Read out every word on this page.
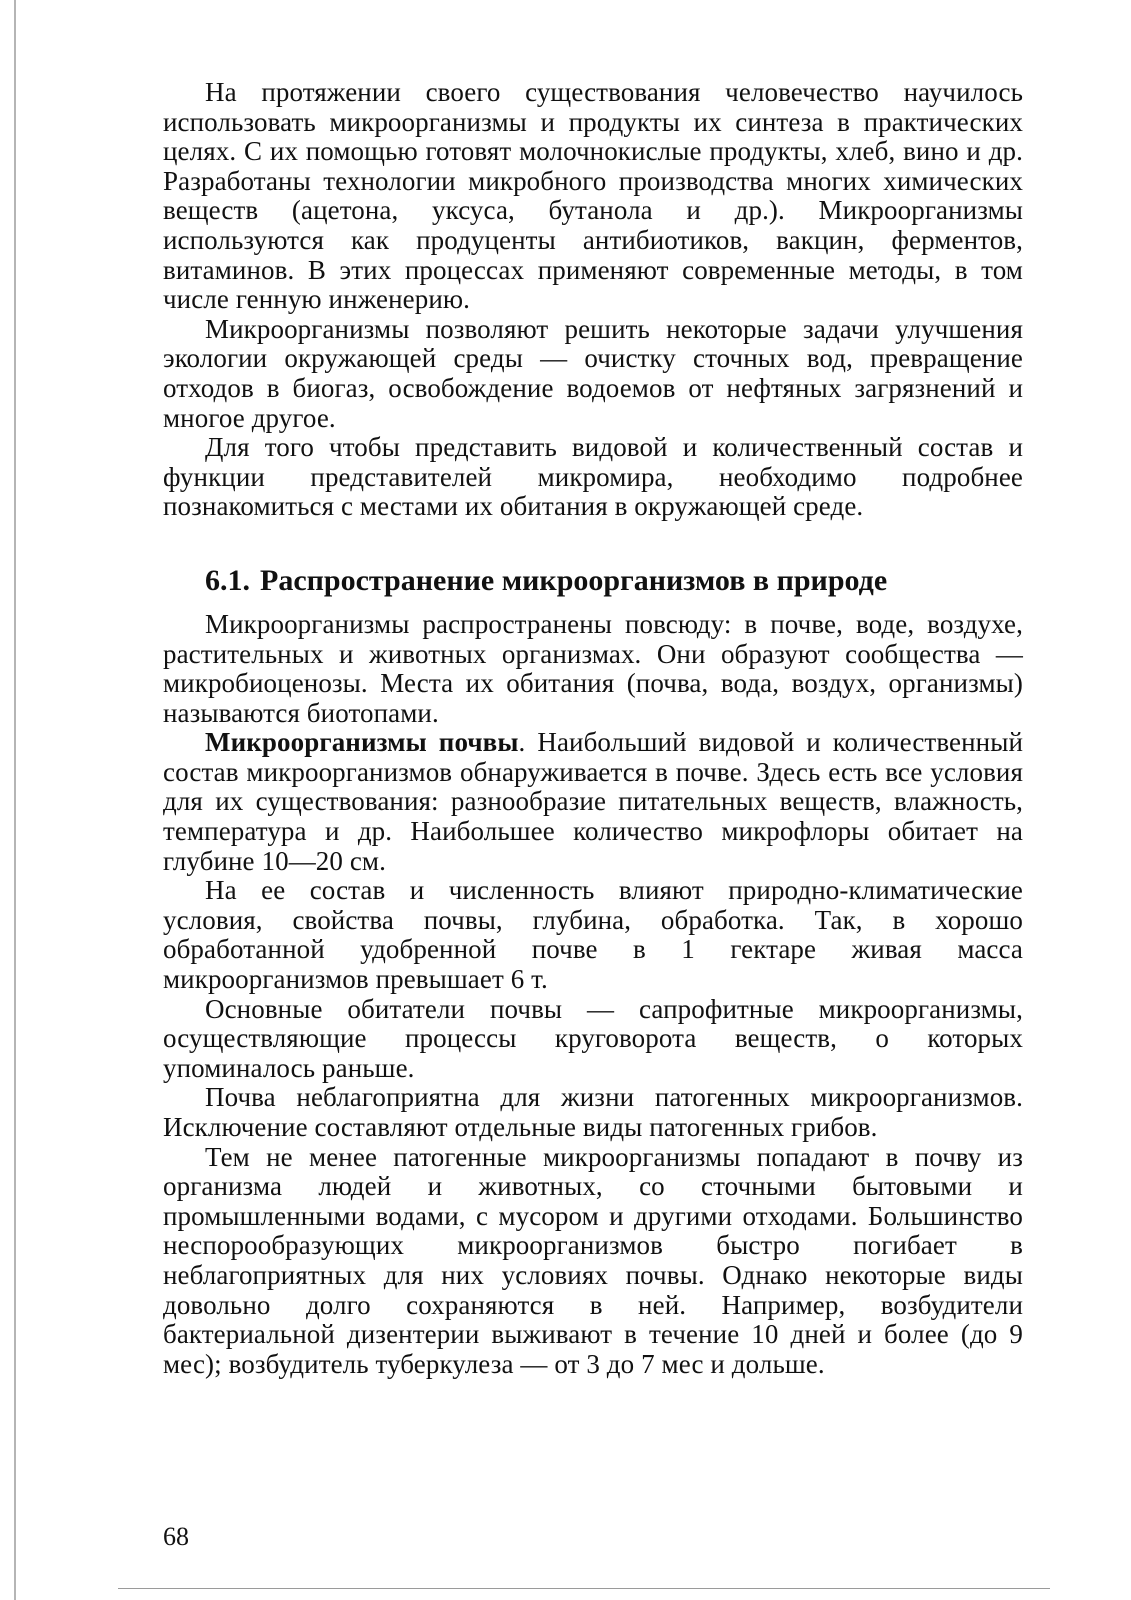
На протяжении своего существования человечество научилось использовать микроорганизмы и продукты их синтеза в практических целях. С их помощью готовят молочнокислые продукты, хлеб, вино и др. Разработаны технологии микробного производства многих химических веществ (ацетона, уксуса, бутанола и др.). Микроорганизмы используются как продуценты антибиотиков, вакцин, ферментов, витаминов. В этих процессах применяют современные методы, в том числе генную инженерию.

Микроорганизмы позволяют решить некоторые задачи улучшения экологии окружающей среды — очистку сточных вод, превращение отходов в биогаз, освобождение водоемов от нефтяных загрязнений и многое другое.

Для того чтобы представить видовой и количественный состав и функции представителей микромира, необходимо подробнее познакомиться с местами их обитания в окружающей среде.

6.1. Распространение микроорганизмов в природе

Микроорганизмы распространены повсюду: в почве, воде, воздухе, растительных и животных организмах. Они образуют сообщества — микробиоценозы. Места их обитания (почва, вода, воздух, организмы) называются биотопами.

Микроорганизмы почвы. Наибольший видовой и количественный состав микроорганизмов обнаруживается в почве. Здесь есть все условия для их существования: разнообразие питательных веществ, влажность, температура и др. Наибольшее количество микрофлоры обитает на глубине 10—20 см.

На ее состав и численность влияют природно-климатические условия, свойства почвы, глубина, обработка. Так, в хорошо обработанной удобренной почве в 1 гектаре живая масса микроорганизмов превышает 6 т.

Основные обитатели почвы — сапрофитные микроорганизмы, осуществляющие процессы круговорота веществ, о которых упоминалось раньше.

Почва неблагоприятна для жизни патогенных микроорганизмов. Исключение составляют отдельные виды патогенных грибов.

Тем не менее патогенные микроорганизмы попадают в почву из организма людей и животных, со сточными бытовыми и промышленными водами, с мусором и другими отходами. Большинство неспорообразующих микроорганизмов быстро погибает в неблагоприятных для них условиях почвы. Однако некоторые виды довольно долго сохраняются в ней. Например, возбудители бактериальной дизентерии выживают в течение 10 дней и более (до 9 мес); возбудитель туберкулеза — от 3 до 7 мес и дольше.

68
